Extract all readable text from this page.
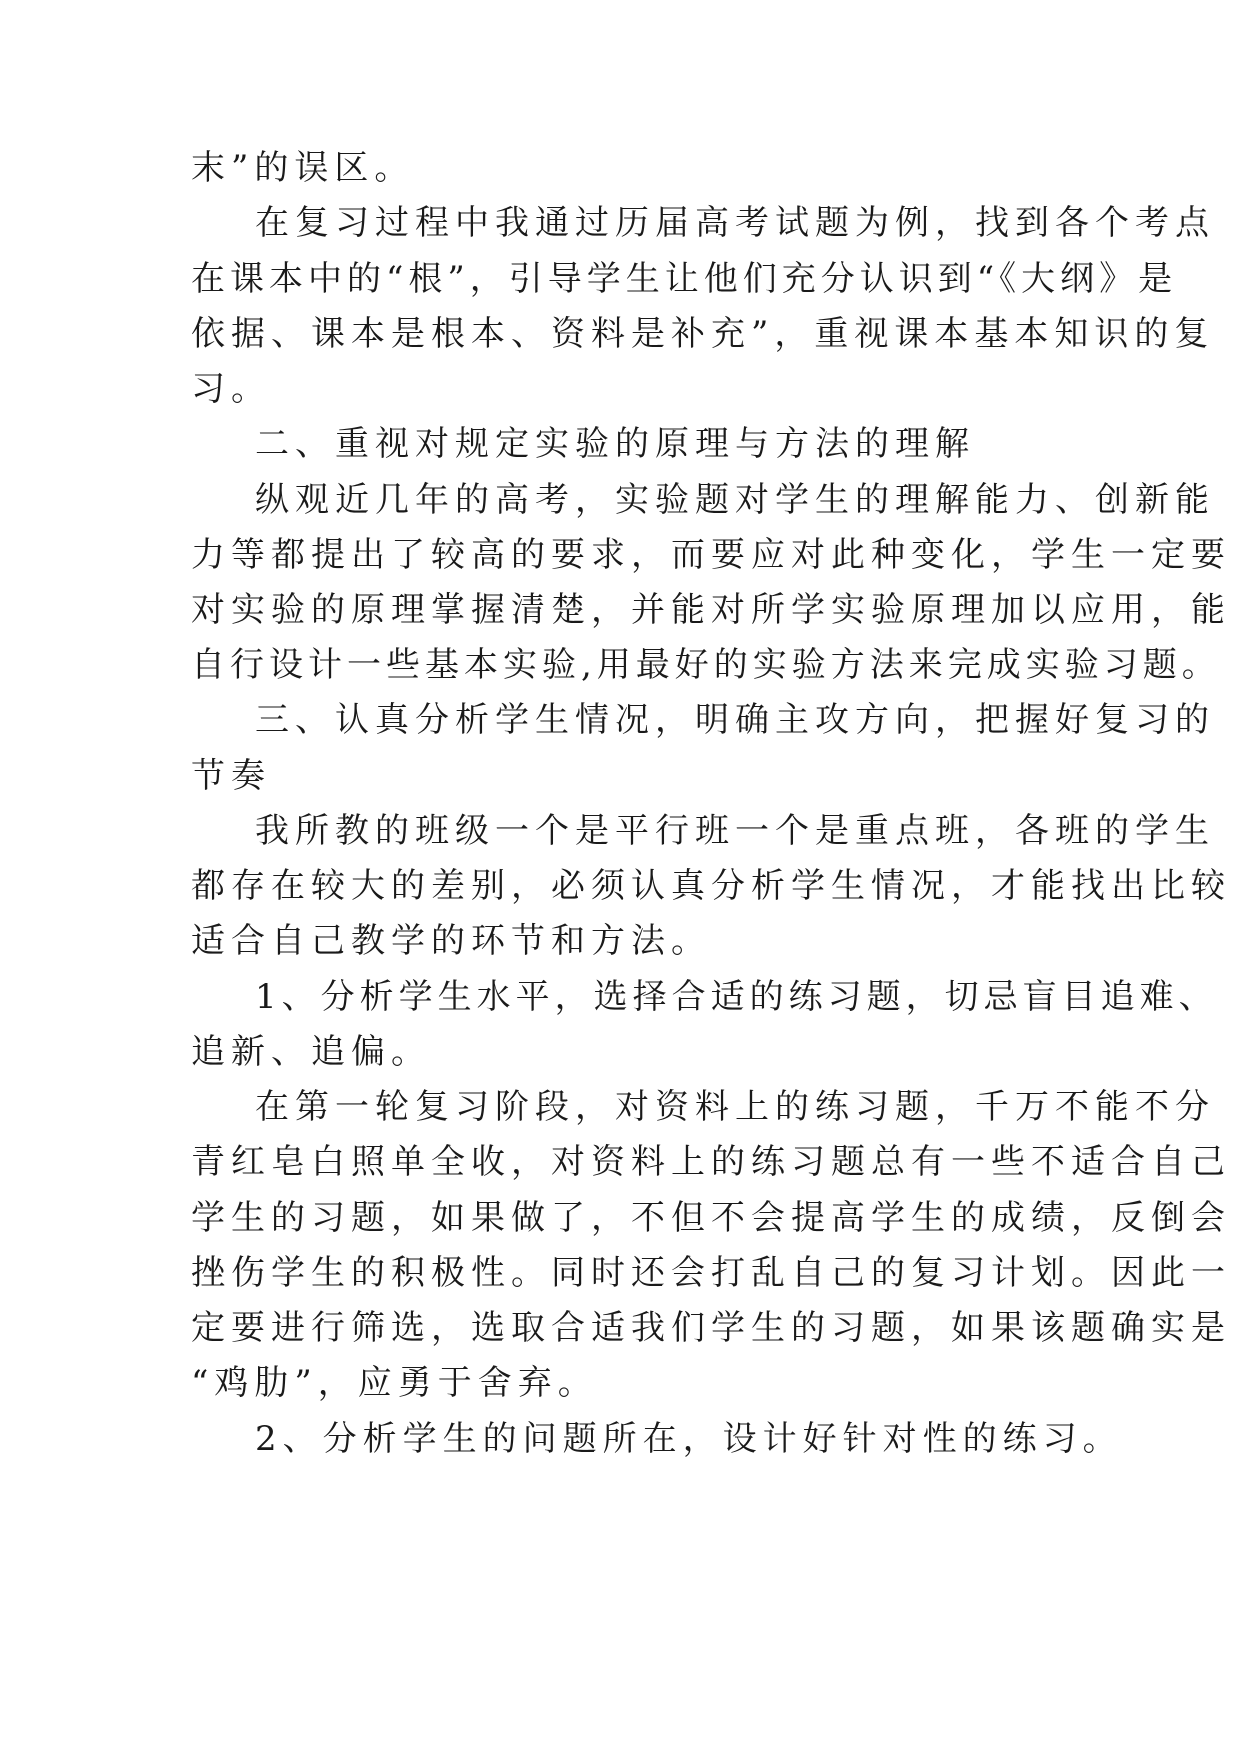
末”的误区。
在复习过程中我通过历届高考试题为例，找到各个考点
在课本中的“根”，引导学生让他们充分认识到“《大纲》是
依据、课本是根本、资料是补充”，重视课本基本知识的复
习。
二、重视对规定实验的原理与方法的理解
纵观近几年的高考，实验题对学生的理解能力、创新能
力等都提出了较高的要求，而要应对此种变化，学生一定要
对实验的原理掌握清楚，并能对所学实验原理加以应用，能
自行设计一些基本实验,用最好的实验方法来完成实验习题。
三、认真分析学生情况，明确主攻方向，把握好复习的
节奏
我所教的班级一个是平行班一个是重点班，各班的学生
都存在较大的差别，必须认真分析学生情况，才能找出比较
适合自己教学的环节和方法。
1、分析学生水平，选择合适的练习题，切忌盲目追难、
追新、追偏。
在第一轮复习阶段，对资料上的练习题，千万不能不分
青红皂白照单全收，对资料上的练习题总有一些不适合自己
学生的习题，如果做了，不但不会提高学生的成绩，反倒会
挫伤学生的积极性。同时还会打乱自己的复习计划。因此一
定要进行筛选，选取合适我们学生的习题，如果该题确实是
“鸡肋”，应勇于舍弃。
2、分析学生的问题所在，设计好针对性的练习。
